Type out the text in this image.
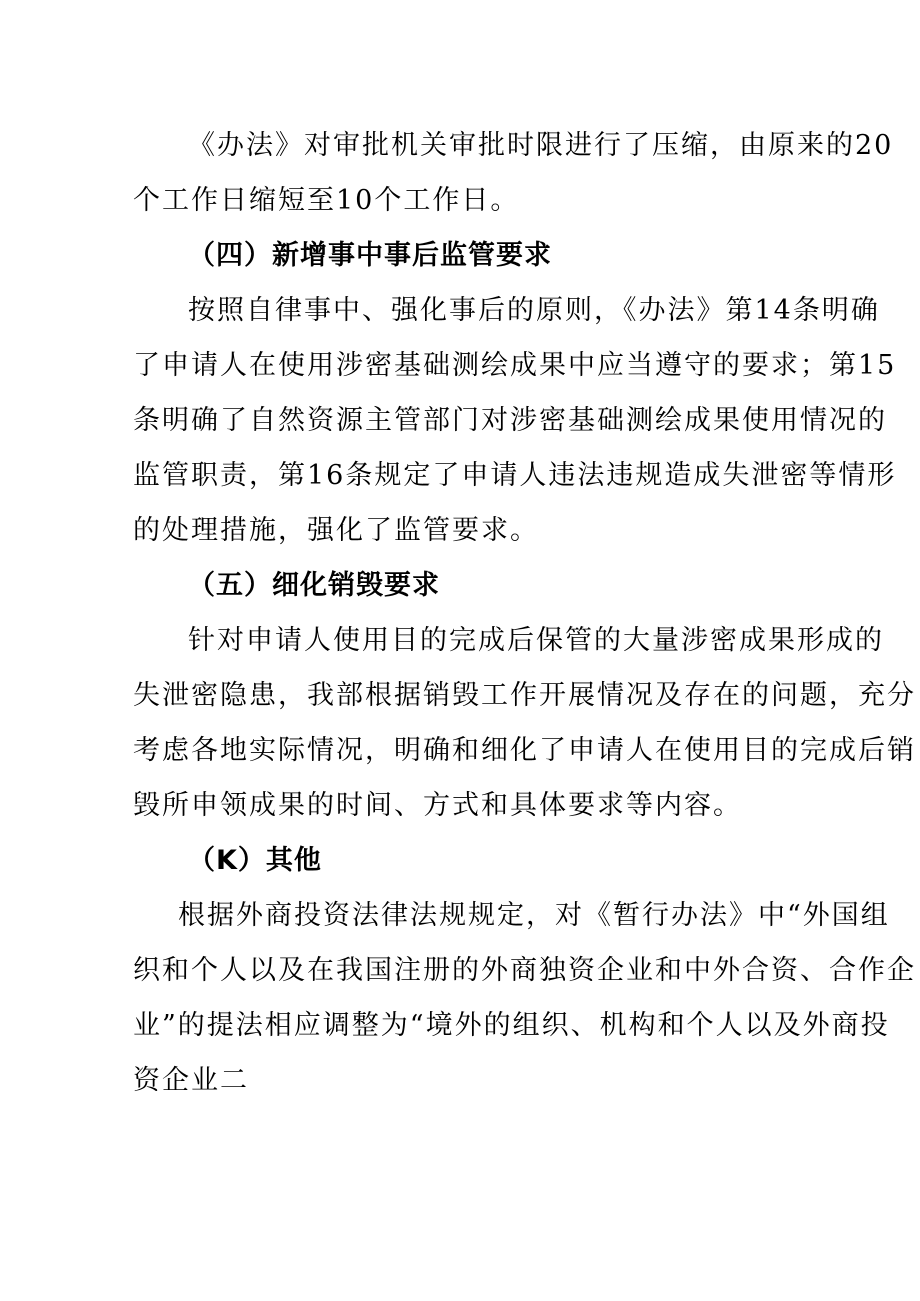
《办法》对审批机关审批时限进行了压缩，由原来的20
个工作日缩短至10个工作日。
（四）新增事中事后监管要求
按照自律事中、强化事后的原则，《办法》第14条明确
了申请人在使用涉密基础测绘成果中应当遵守的要求；第15
条明确了自然资源主管部门对涉密基础测绘成果使用情况的
监管职责，第16条规定了申请人违法违规造成失泄密等情形
的处理措施，强化了监管要求。
（五）细化销毁要求
针对申请人使用目的完成后保管的大量涉密成果形成的
失泄密隐患，我部根据销毁工作开展情况及存在的问题，充分
考虑各地实际情况，明确和细化了申请人在使用目的完成后销
毁所申领成果的时间、方式和具体要求等内容。
（K）其他
根据外商投资法律法规规定，对《暂行办法》中“外国组
织和个人以及在我国注册的外商独资企业和中外合资、合作企
业”的提法相应调整为“境外的组织、机构和个人以及外商投
资企业二
